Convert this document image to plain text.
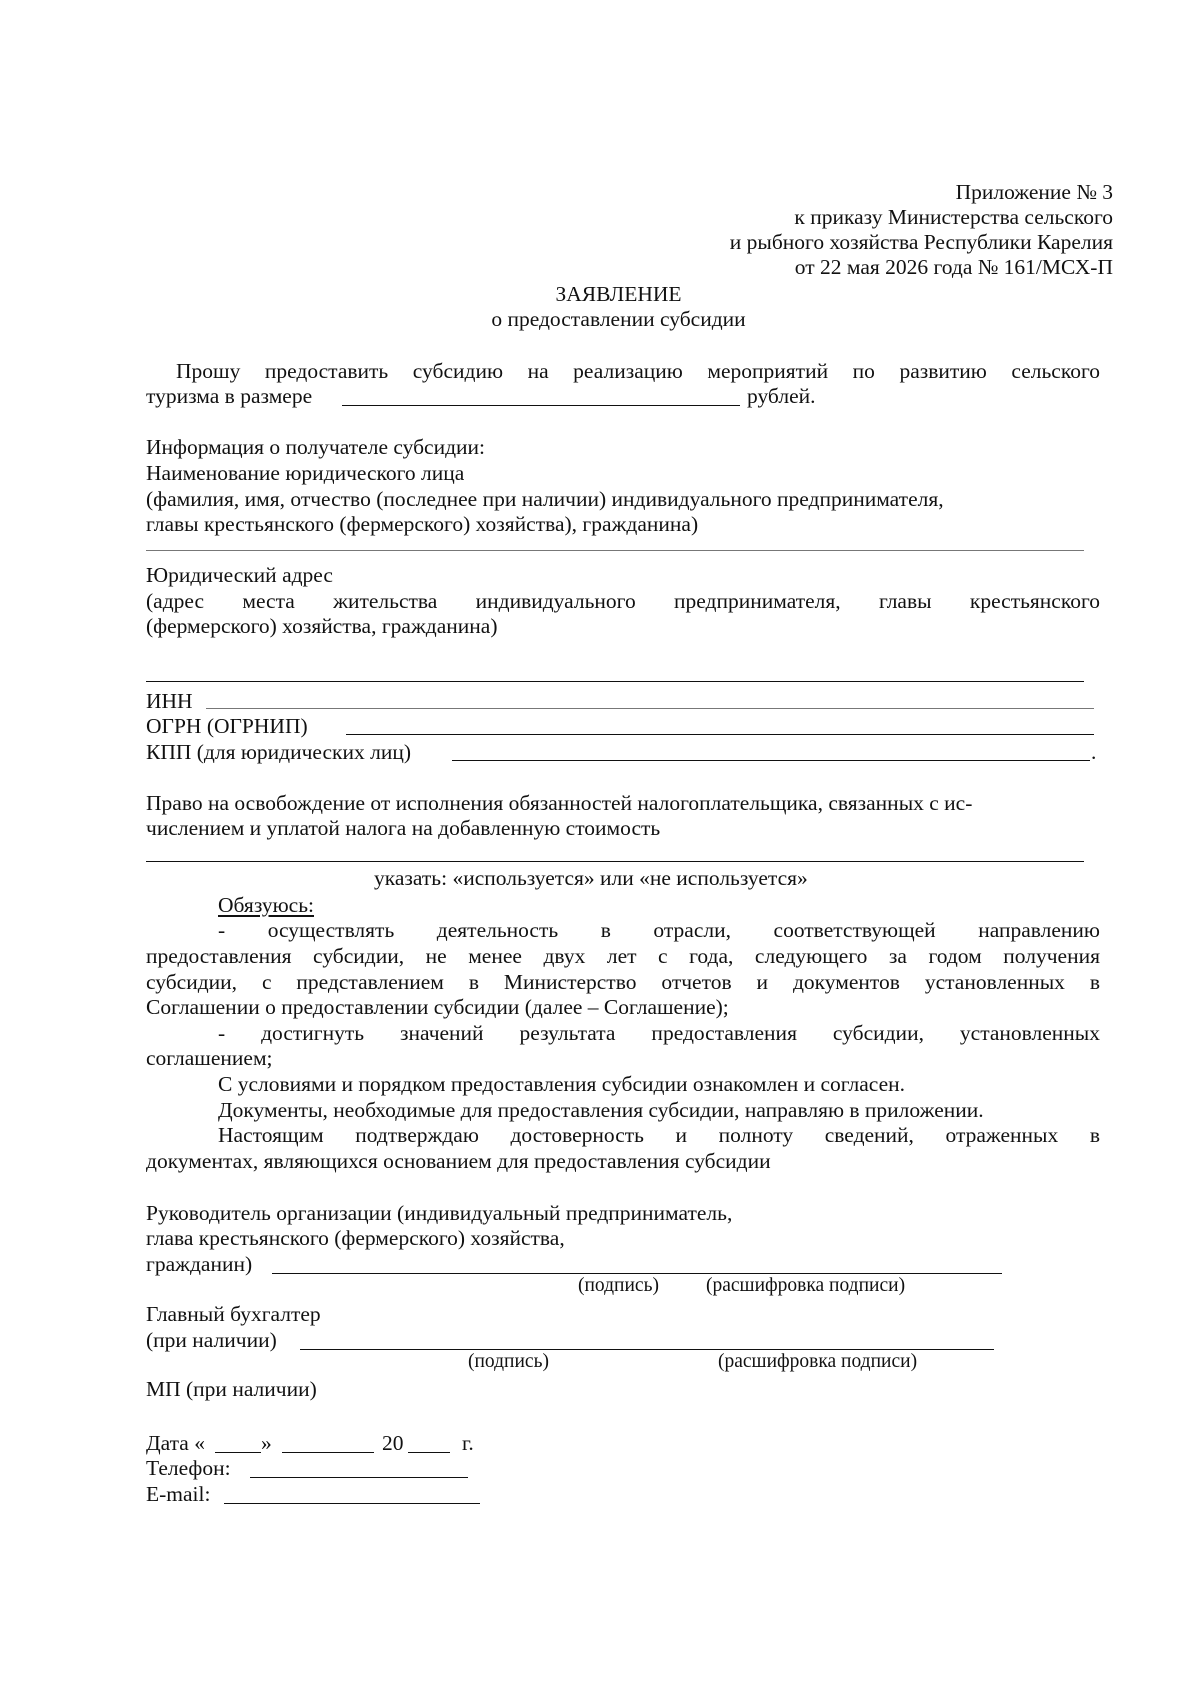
Приложение № 3
к приказу Министерства сельского
и рыбного хозяйства Республики Карелия
от 22 мая 2026 года № 161/МСХ-П
ЗАЯВЛЕНИЕ
о предоставлении субсидии
Прошу предоставить субсидию на реализацию мероприятий по развитию сельского
туризма в размере	рублей.
Информация о получателе субсидии:
Наименование юридического лица
(фамилия, имя, отчество (последнее при наличии) индивидуального предпринимателя,
главы крестьянского (фермерского) хозяйства), гражданина)
Юридический адрес
(адрес места жительства индивидуального предпринимателя, главы крестьянского
(фермерского) хозяйства, гражданина)
ИНН
ОГРН (ОГРНИП)
КПП (для юридических лиц)	.
Право на освобождение от исполнения обязанностей налогоплательщика, связанных с ис-
числением и уплатой налога на добавленную стоимость
указать: «используется» или «не используется»
Обязуюсь:
- осуществлять деятельность в отрасли, соответствующей направлению
предоставления субсидии, не менее двух лет с года, следующего за годом получения
субсидии, с представлением в Министерство отчетов и документов установленных в
Соглашении о предоставлении субсидии (далее – Соглашение);
- достигнуть значений результата предоставления субсидии, установленных
соглашением;
С условиями и порядком предоставления субсидии ознакомлен и согласен.
Документы, необходимые для предоставления субсидии, направляю в приложении.
Настоящим подтверждаю достоверность и полноту сведений, отраженных в
документах, являющихся основанием для предоставления субсидии
Руководитель организации (индивидуальный предприниматель,
глава крестьянского (фермерского) хозяйства,
гражданин)
(подпись) (расшифровка подписи)
Главный бухгалтер
(при наличии)
(подпись)	(расшифровка подписи)
МП (при наличии)
Дата «	»	20	г.
Телефон:
E-mail:
